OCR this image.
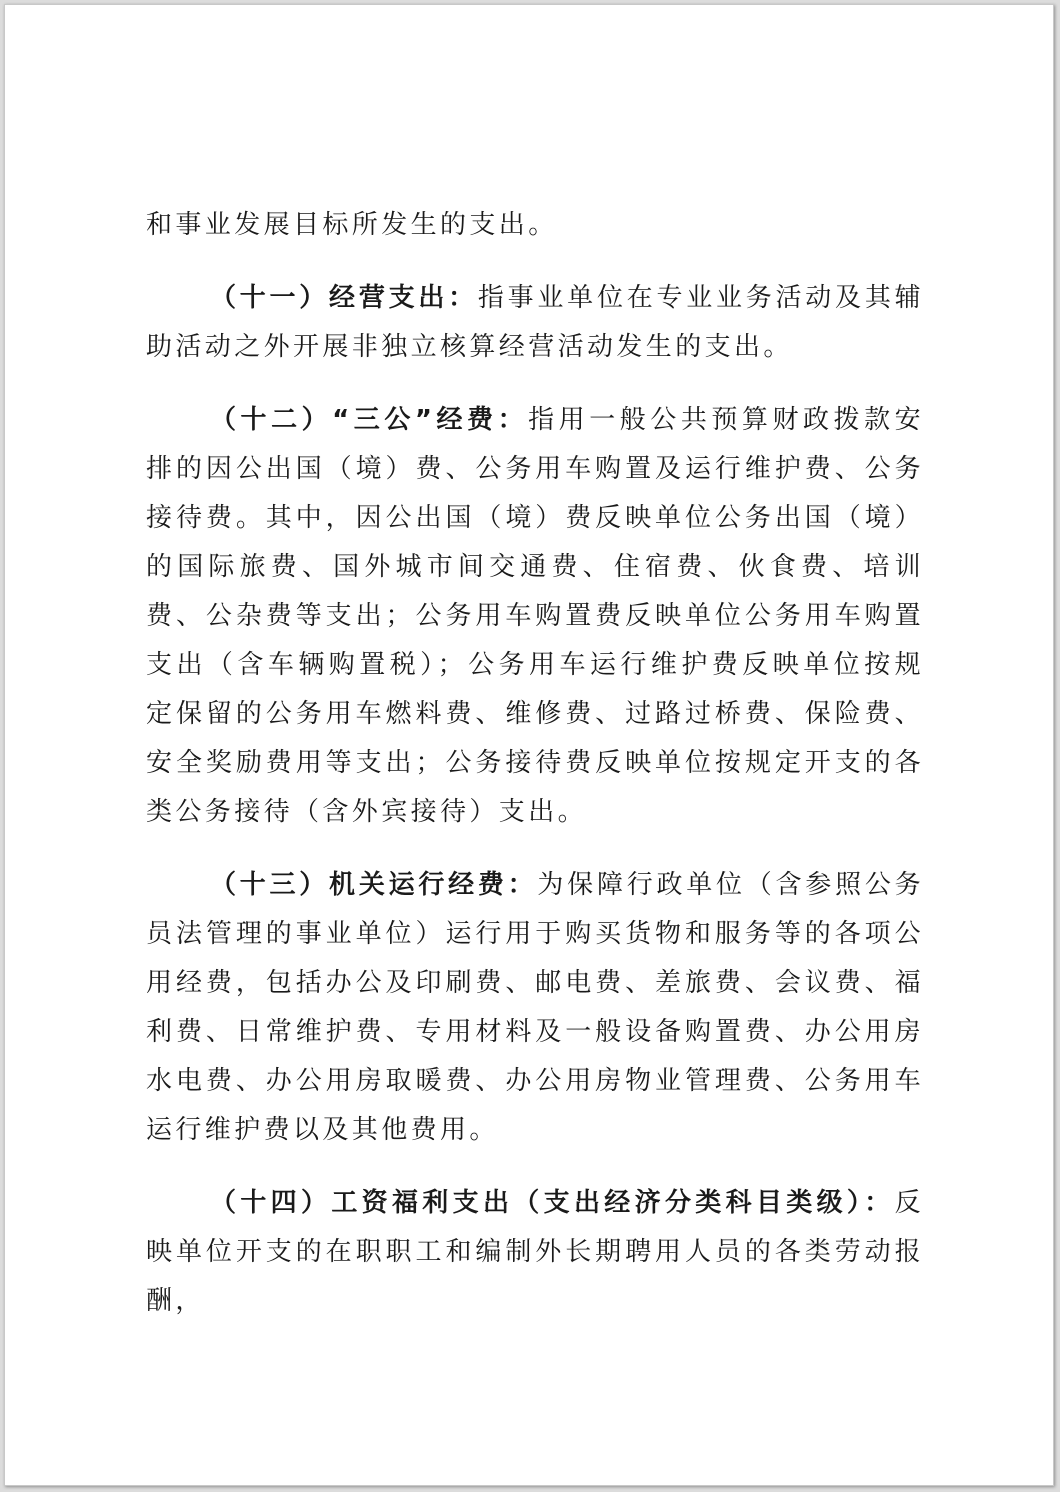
和事业发展目标所发生的支出。

（十一）经营支出：指事业单位在专业业务活动及其辅助活动之外开展非独立核算经营活动发生的支出。

（十二）“三公”经费：指用一般公共预算财政拨款安排的因公出国（境）费、公务用车购置及运行维护费、公务接待费。其中，因公出国（境）费反映单位公务出国（境）的国际旅费、国外城市间交通费、住宿费、伙食费、培训费、公杂费等支出；公务用车购置费反映单位公务用车购置支出（含车辆购置税）；公务用车运行维护费反映单位按规定保留的公务用车燃料费、维修费、过路过桥费、保险费、安全奖励费用等支出；公务接待费反映单位按规定开支的各类公务接待（含外宾接待）支出。

（十三）机关运行经费：为保障行政单位（含参照公务员法管理的事业单位）运行用于购买货物和服务等的各项公用经费，包括办公及印刷费、邮电费、差旅费、会议费、福利费、日常维护费、专用材料及一般设备购置费、办公用房水电费、办公用房取暖费、办公用房物业管理费、公务用车运行维护费以及其他费用。

（十四）工资福利支出（支出经济分类科目类级）：反映单位开支的在职职工和编制外长期聘用人员的各类劳动报酬，
